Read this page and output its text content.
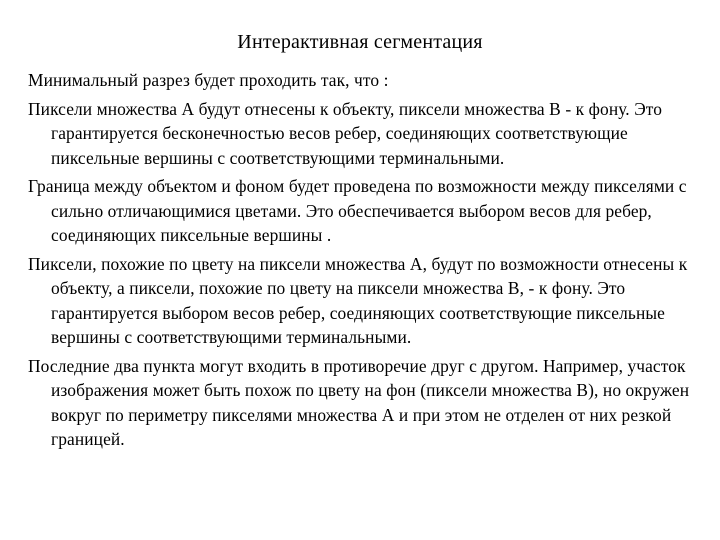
Интерактивная сегментация

Минимальный разрез будет проходить так, что :

Пиксели множества А будут отнесены к объекту, пиксели множества В - к фону. Это гарантируется бесконечностью весов ребер, соединяющих соответствующие пиксельные вершины с соответствующими терминальными.

Граница между объектом и фоном будет проведена по возможности между пикселями с сильно отличающимися цветами. Это обеспечивается выбором весов для ребер, соединяющих пиксельные вершины .

Пиксели, похожие по цвету на пиксели множества А, будут по возможности отнесены к объекту, а пиксели, похожие по цвету на пиксели множества В, - к фону. Это гарантируется выбором весов ребер, соединяющих соответствующие пиксельные вершины с соответствующими терминальными.

Последние два пункта могут входить в противоречие друг с другом. Например, участок изображения может быть похож по цвету на фон (пиксели множества В), но окружен вокруг по периметру пикселями множества А и при этом не отделен от них резкой границей.
